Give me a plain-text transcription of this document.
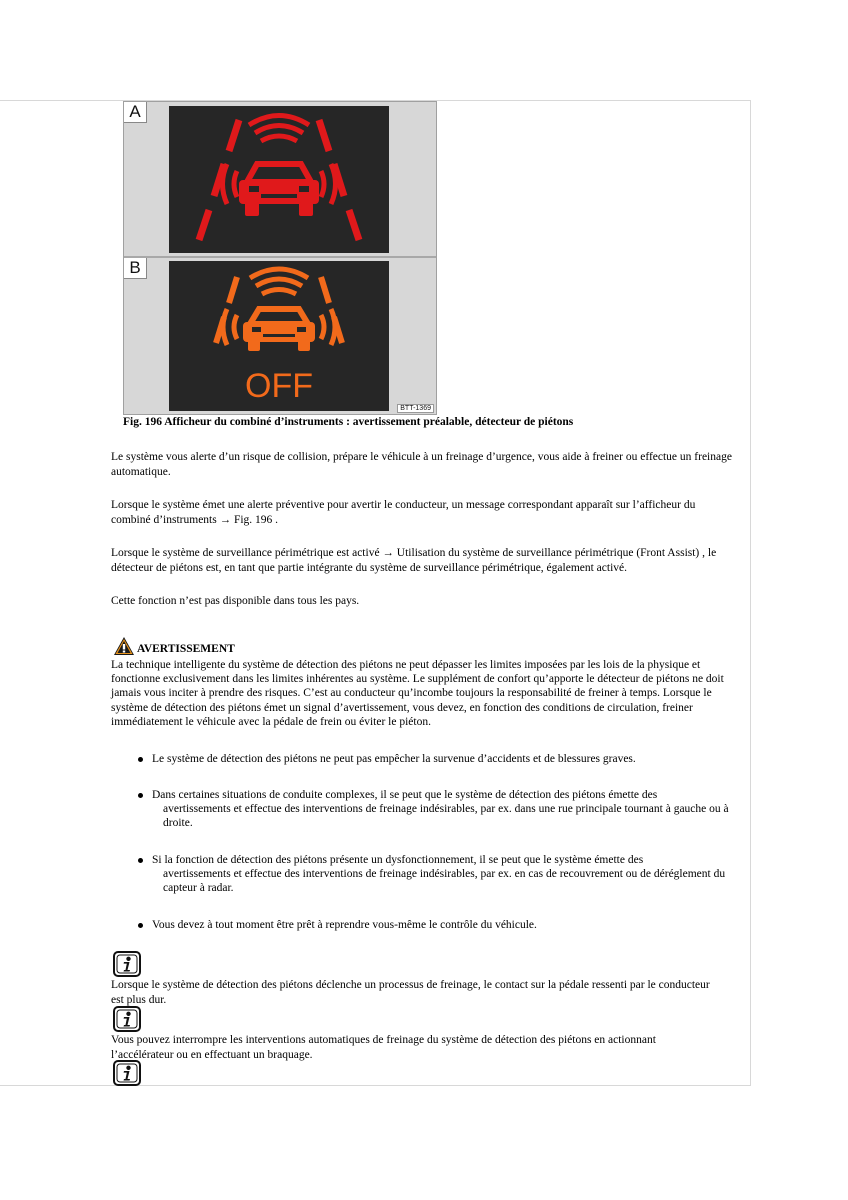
A
B
OFF
BTT-1369
Fig. 196 Afficheur du combiné d’instruments : avertissement préalable, détecteur de piétons
Le système vous alerte d’un risque de collision, prépare le véhicule à un freinage d’urgence, vous aide à freiner ou effectue un freinage automatique.
Lorsque le système émet une alerte préventive pour avertir le conducteur, un message correspondant apparaît sur l’afficheur du combiné d’instruments → Fig. 196 .
Lorsque le système de surveillance périmétrique est activé → Utilisation du système de surveillance périmétrique (Front Assist) , le détecteur de piétons est, en tant que partie intégrante du système de surveillance périmétrique, également activé.
Cette fonction n’est pas disponible dans tous les pays.
AVERTISSEMENT
La technique intelligente du système de détection des piétons ne peut dépasser les limites imposées par les lois de la physique et fonctionne exclusivement dans les limites inhérentes au système. Le supplément de confort qu’apporte le détecteur de piétons ne doit jamais vous inciter à prendre des risques. C’est au conducteur qu’incombe toujours la responsabilité de freiner à temps. Lorsque le système de détection des piétons émet un signal d’avertissement, vous devez, en fonction des conditions de circulation, freiner immédiatement le véhicule avec la pédale de frein ou éviter le piéton.
Le système de détection des piétons ne peut pas empêcher la survenue d’accidents et de blessures graves.
Dans certaines situations de conduite complexes, il se peut que le système de détection des piétons émette des
avertissements et effectue des interventions de freinage indésirables, par ex. dans une rue principale tournant à gauche ou à droite.
Si la fonction de détection des piétons présente un dysfonctionnement, il se peut que le système émette des
avertissements et effectue des interventions de freinage indésirables, par ex. en cas de recouvrement ou de déréglement du capteur à radar.
Vous devez à tout moment être prêt à reprendre vous-même le contrôle du véhicule.
Lorsque le système de détection des piétons déclenche un processus de freinage, le contact sur la pédale ressenti par le conducteur est plus dur.
Vous pouvez interrompre les interventions automatiques de freinage du système de détection des piétons en actionnant l’accélérateur ou en effectuant un braquage.
